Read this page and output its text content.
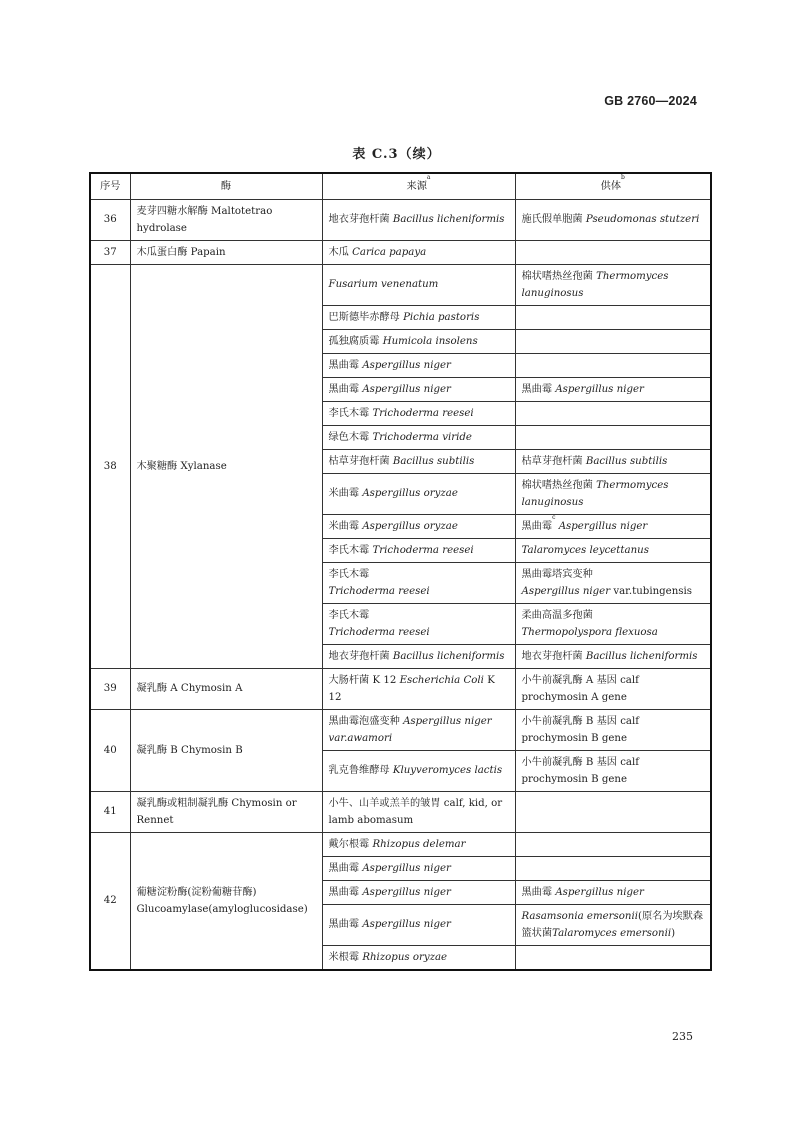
GB 2760—2024
表 C.3（续）
序号	酶	来源$^a$	供体$^b$
36	麦芽四糖水解酶 Maltotetrao hydrolase	地衣芽孢杆菌 Bacillus licheniformis	施氏假单胞菌 Pseudomonas stutzeri
37	木瓜蛋白酶 Papain	木瓜 Carica papaya	
38	木聚糖酶 Xylanase	Fusarium venenatum	棉状嗜热丝孢菌 Thermomyces lanuginosus
		巴斯德毕赤酵母 Pichia pastoris	
		孤独腐质霉 Humicola insolens	
		黑曲霉 Aspergillus niger	
		黑曲霉 Aspergillus niger	黑曲霉 Aspergillus niger
		李氏木霉 Trichoderma reesei	
		绿色木霉 Trichoderma viride	
		枯草芽孢杆菌 Bacillus subtilis	枯草芽孢杆菌 Bacillus subtilis
		米曲霉 Aspergillus oryzae	棉状嗜热丝孢菌 Thermomyces lanuginosus
		米曲霉 Aspergillus oryzae	黑曲霉$^c$ Aspergillus niger
		李氏木霉 Trichoderma reesei	Talaromyces leycettanus
		李氏木霉
Trichoderma reesei	黑曲霉塔宾变种
Aspergillus niger var.tubingensis
		李氏木霉
Trichoderma reesei	柔曲高温多孢菌
Thermopolyspora flexuosa
		地衣芽孢杆菌 Bacillus licheniformis	地衣芽孢杆菌 Bacillus licheniformis
39	凝乳酶 A Chymosin A	大肠杆菌 K 12 Escherichia Coli K 12	小牛前凝乳酶 A 基因 calf prochymosin A gene
40	凝乳酶 B Chymosin B	黑曲霉泡盛变种 Aspergillus niger var.awamori	小牛前凝乳酶 B 基因 calf prochymosin B gene
		乳克鲁维酵母 Kluyveromyces lactis	小牛前凝乳酶 B 基因 calf prochymosin B gene
41	凝乳酶或粗制凝乳酶 Chymosin or Rennet	小牛、山羊或羔羊的皱胃 calf, kid, or lamb abomasum	
42	葡糖淀粉酶(淀粉葡糖苷酶) Glucoamylase(amyloglucosidase)	戴尔根霉 Rhizopus delemar	
		黑曲霉 Aspergillus niger	
		黑曲霉 Aspergillus niger	黑曲霉 Aspergillus niger
		黑曲霉 Aspergillus niger	Rasamsonia emersonii(原名为埃默森篮状菌Talaromyces emersonii)
		米根霉 Rhizopus oryzae	
235
